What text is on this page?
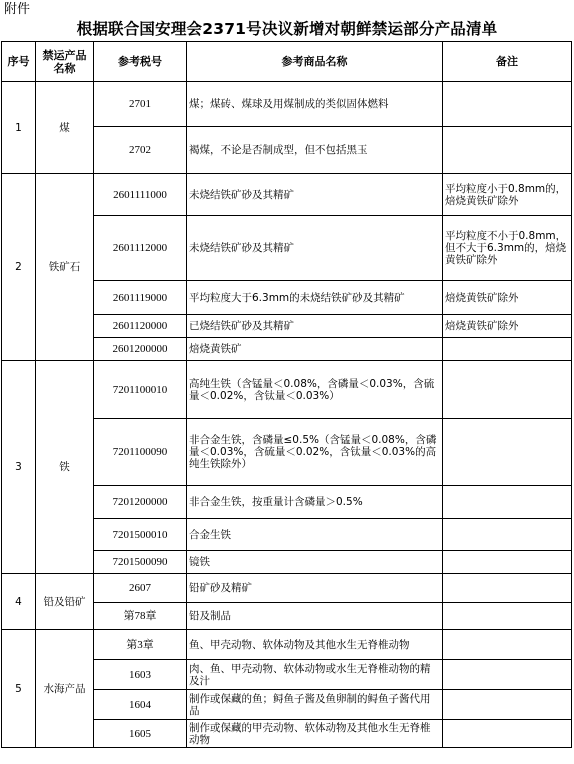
附件
根据联合国安理会2371号决议新增对朝鲜禁运部分产品清单
序号	禁运产品名称	参考税号	参考商品名称	备注
1	煤	2701	煤；煤砖、煤球及用煤制成的类似固体燃料	
		2702	褐煤，不论是否制成型，但不包括黑玉	
2	铁矿石	2601111000	未烧结铁矿砂及其精矿	平均粒度小于0.8mm的，焙烧黄铁矿除外
		2601112000	未烧结铁矿砂及其精矿	平均粒度不小于0.8mm，但不大于6.3mm的，焙烧黄铁矿除外
		2601119000	平均粒度大于6.3mm的未烧结铁矿砂及其精矿	焙烧黄铁矿除外
		2601120000	已烧结铁矿砂及其精矿	焙烧黄铁矿除外
		2601200000	焙烧黄铁矿	
3	铁	7201100010	高纯生铁（含锰量＜0.08%，含磷量＜0.03%，含硫量＜0.02%，含钛量＜0.03%）	
		7201100090	非合金生铁，含磷量≤0.5%（含锰量＜0.08%，含磷量＜0.03%，含硫量＜0.02%，含钛量＜0.03%的高纯生铁除外）	
		7201200000	非合金生铁，按重量计含磷量＞0.5%	
		7201500010	合金生铁	
		7201500090	镜铁	
4	铅及铅矿	2607	铅矿砂及精矿	
		第78章	铅及制品	
5	水海产品	第3章	鱼、甲壳动物、软体动物及其他水生无脊椎动物	
		1603	肉、鱼、甲壳动物、软体动物或水生无脊椎动物的精及汁	
		1604	制作或保藏的鱼；鲟鱼子酱及鱼卵制的鲟鱼子酱代用品	
		1605	制作或保藏的甲壳动物、软体动物及其他水生无脊椎动物	
